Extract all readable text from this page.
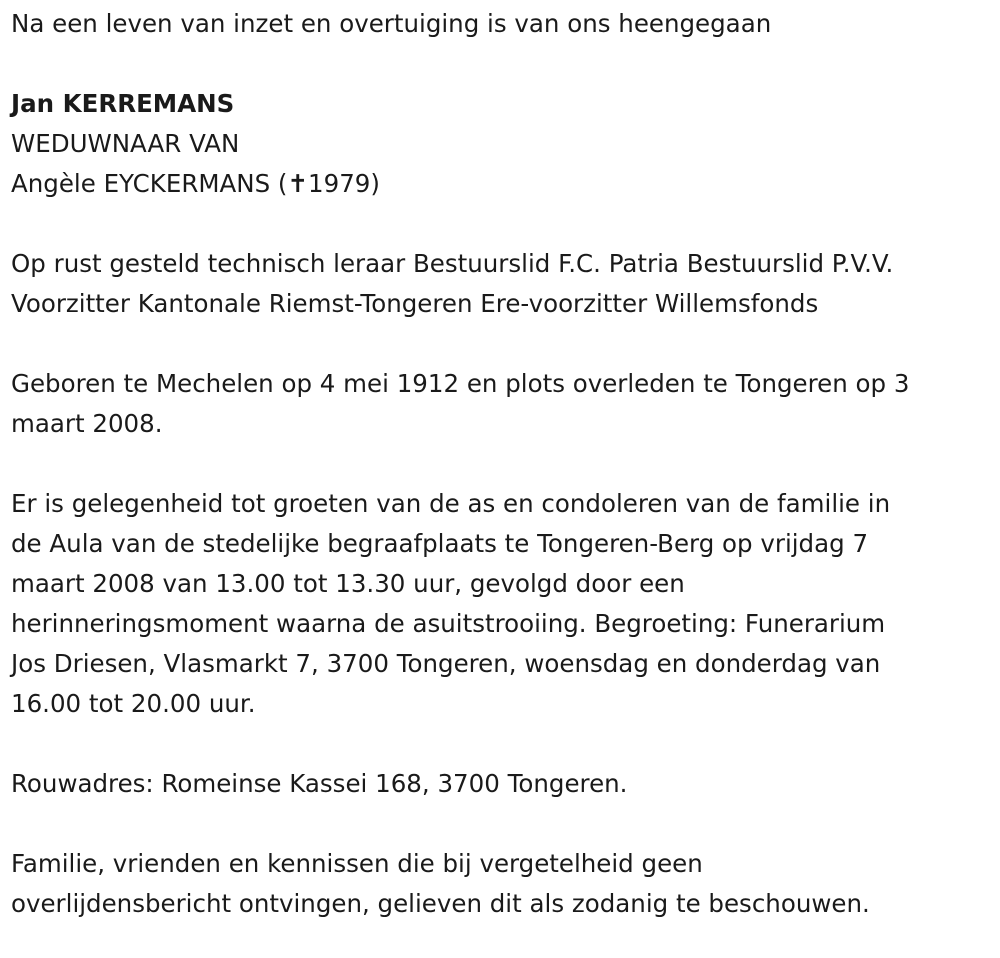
Na een leven van inzet en overtuiging is van ons heengegaan

Jan KERREMANS

WEDUWNAAR VAN

Angèle EYCKERMANS (✝1979)

Op rust gesteld technisch leraar Bestuurslid F.C. Patria Bestuurslid P.V.V.
Voorzitter Kantonale Riemst-Tongeren Ere-voorzitter Willemsfonds

Geboren te Mechelen op 4 mei 1912 en plots overleden te Tongeren op 3
maart 2008.

Er is gelegenheid tot groeten van de as en condoleren van de familie in
de Aula van de stedelijke begraafplaats te Tongeren-Berg op vrijdag 7
maart 2008 van 13.00 tot 13.30 uur, gevolgd door een
herinneringsmoment waarna de asuitstrooiing. Begroeting: Funerarium
Jos Driesen, Vlasmarkt 7, 3700 Tongeren, woensdag en donderdag van
16.00 tot 20.00 uur.

Rouwadres: Romeinse Kassei 168, 3700 Tongeren.

Familie, vrienden en kennissen die bij vergetelheid geen
overlijdensbericht ontvingen, gelieven dit als zodanig te beschouwen.
